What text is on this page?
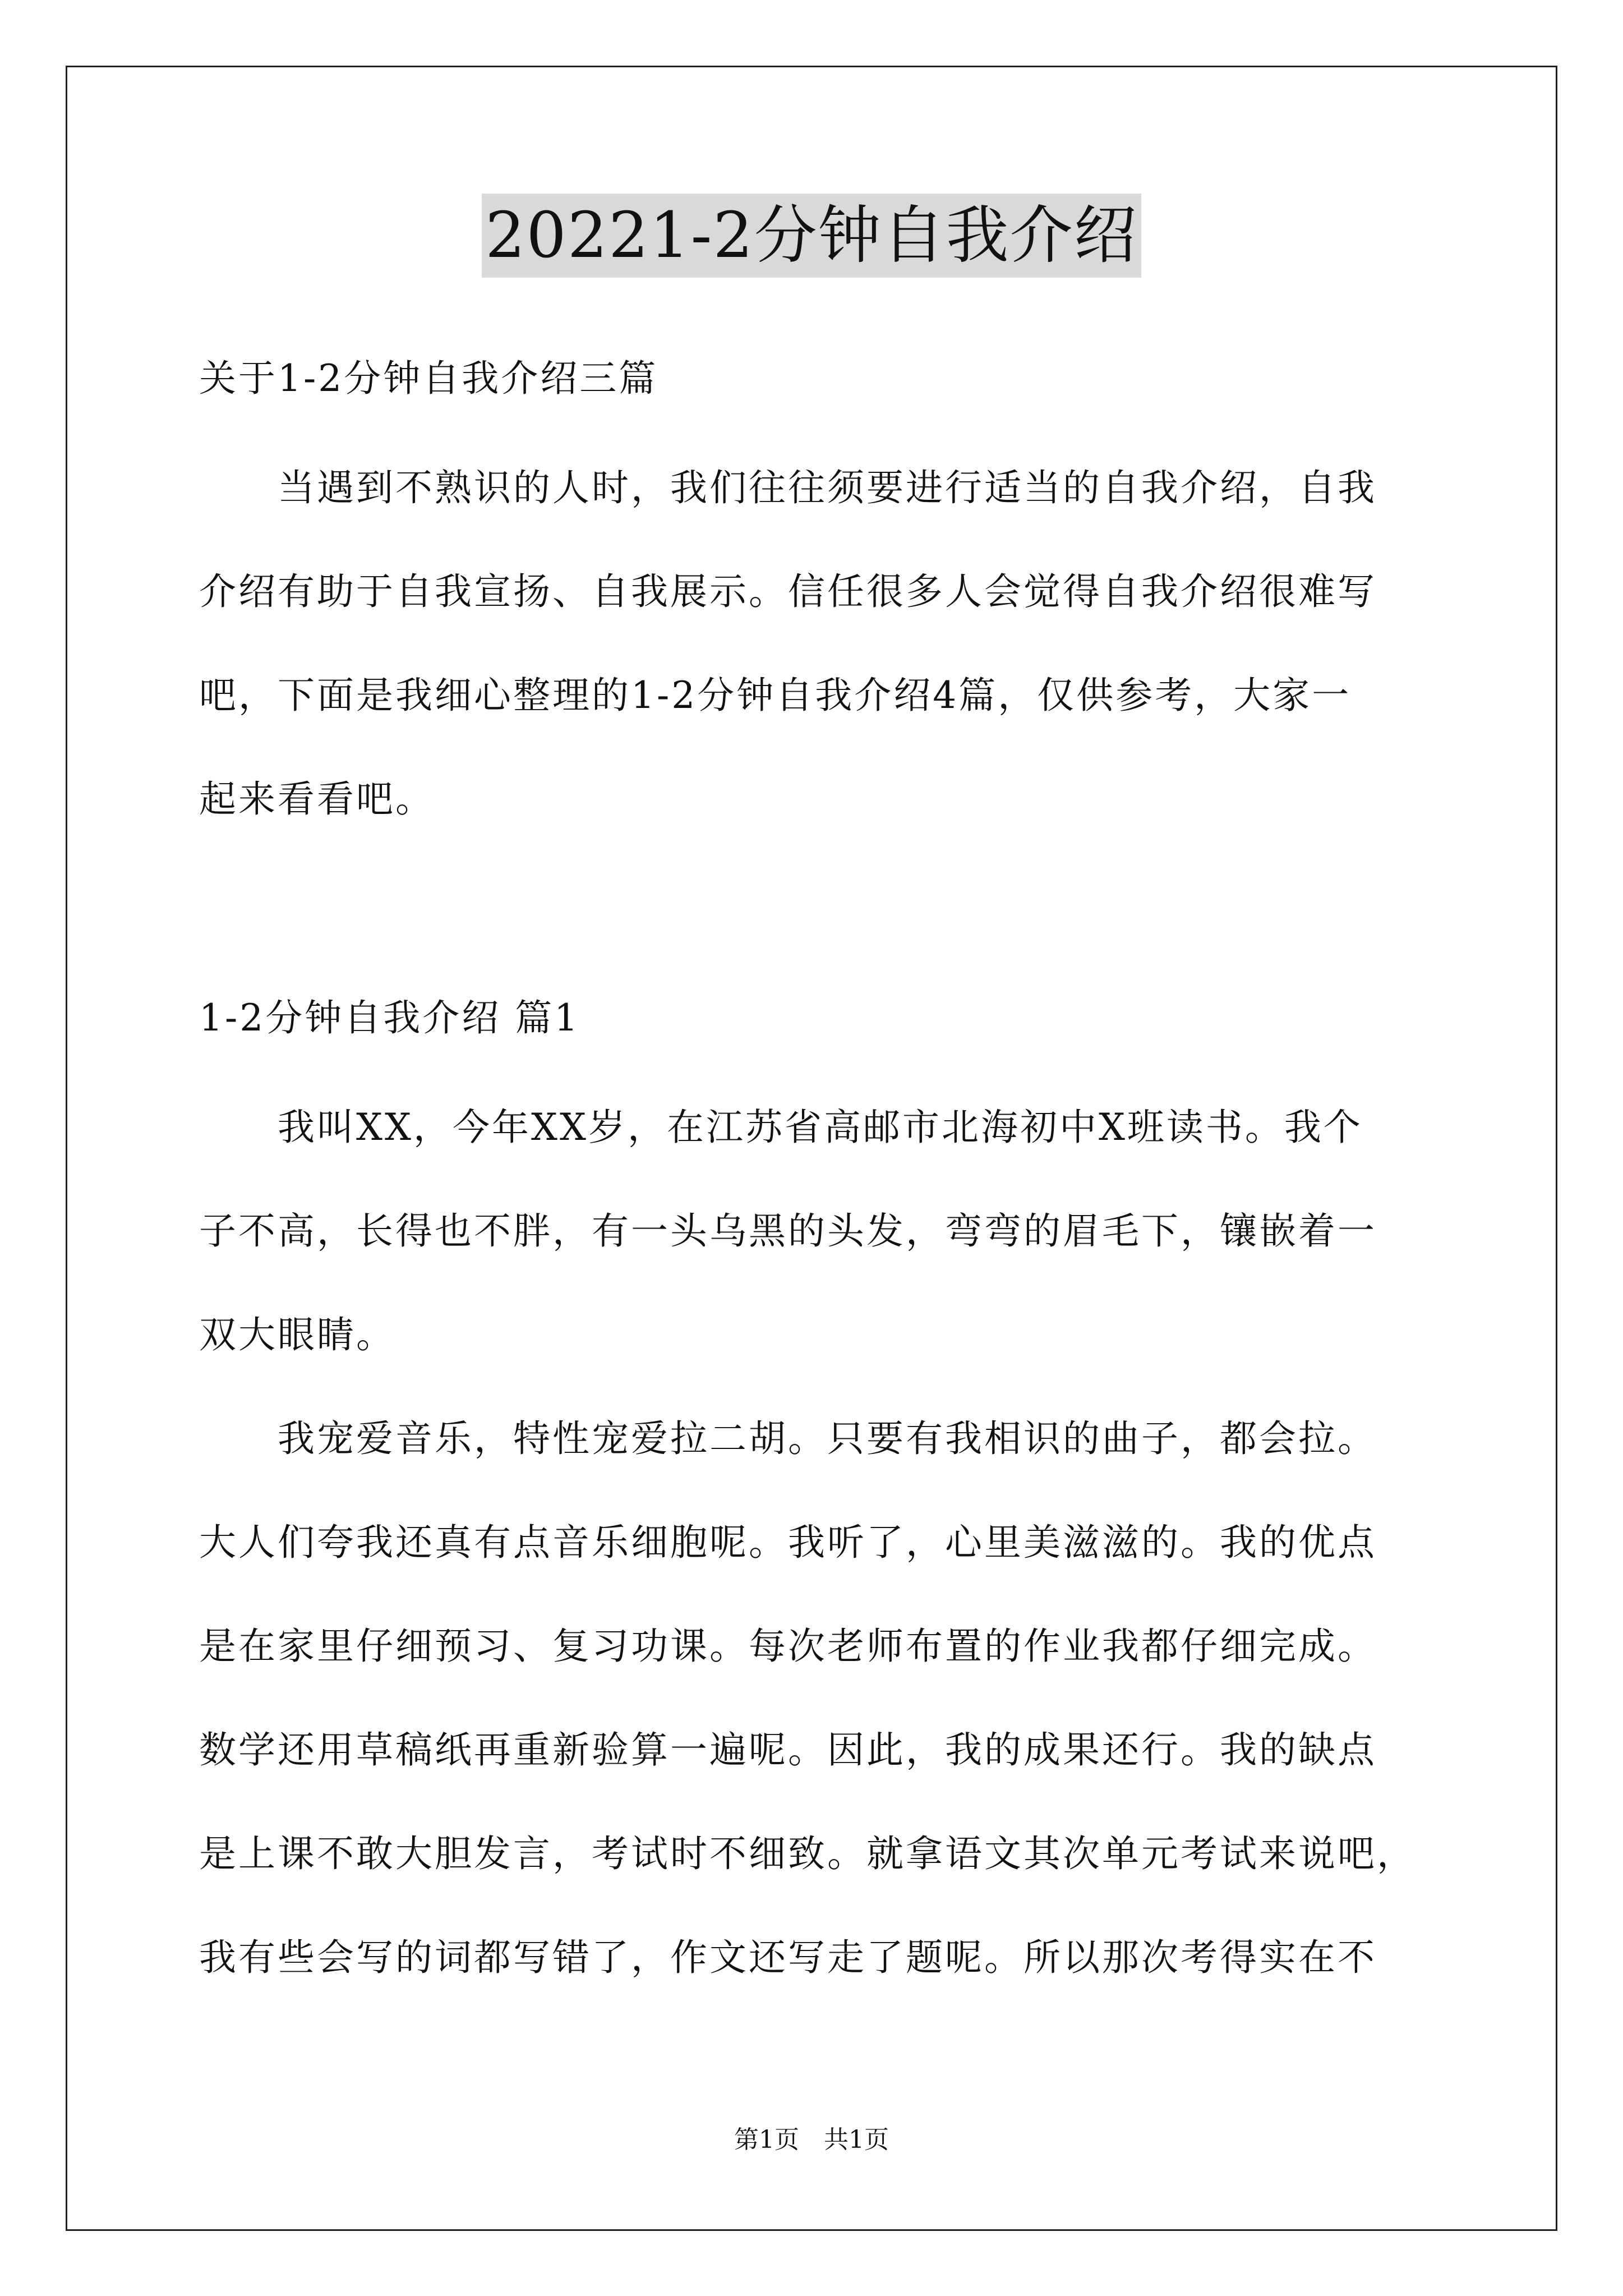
20221-2分钟自我介绍
关于1-2分钟自我介绍三篇
　　当遇到不熟识的人时，我们往往须要进行适当的自我介绍，自我
介绍有助于自我宣扬、自我展示。信任很多人会觉得自我介绍很难写
吧，下面是我细心整理的1-2分钟自我介绍4篇，仅供参考，大家一
起来看看吧。
1-2分钟自我介绍 篇1
　　我叫XX，今年XX岁，在江苏省高邮市北海初中X班读书。我个
子不高，长得也不胖，有一头乌黑的头发，弯弯的眉毛下，镶嵌着一
双大眼睛。
　　我宠爱音乐，特性宠爱拉二胡。只要有我相识的曲子，都会拉。
大人们夸我还真有点音乐细胞呢。我听了，心里美滋滋的。我的优点
是在家里仔细预习、复习功课。每次老师布置的作业我都仔细完成。
数学还用草稿纸再重新验算一遍呢。因此，我的成果还行。我的缺点
是上课不敢大胆发言，考试时不细致。就拿语文其次单元考试来说吧，
我有些会写的词都写错了，作文还写走了题呢。所以那次考得实在不
第1页　共1页
